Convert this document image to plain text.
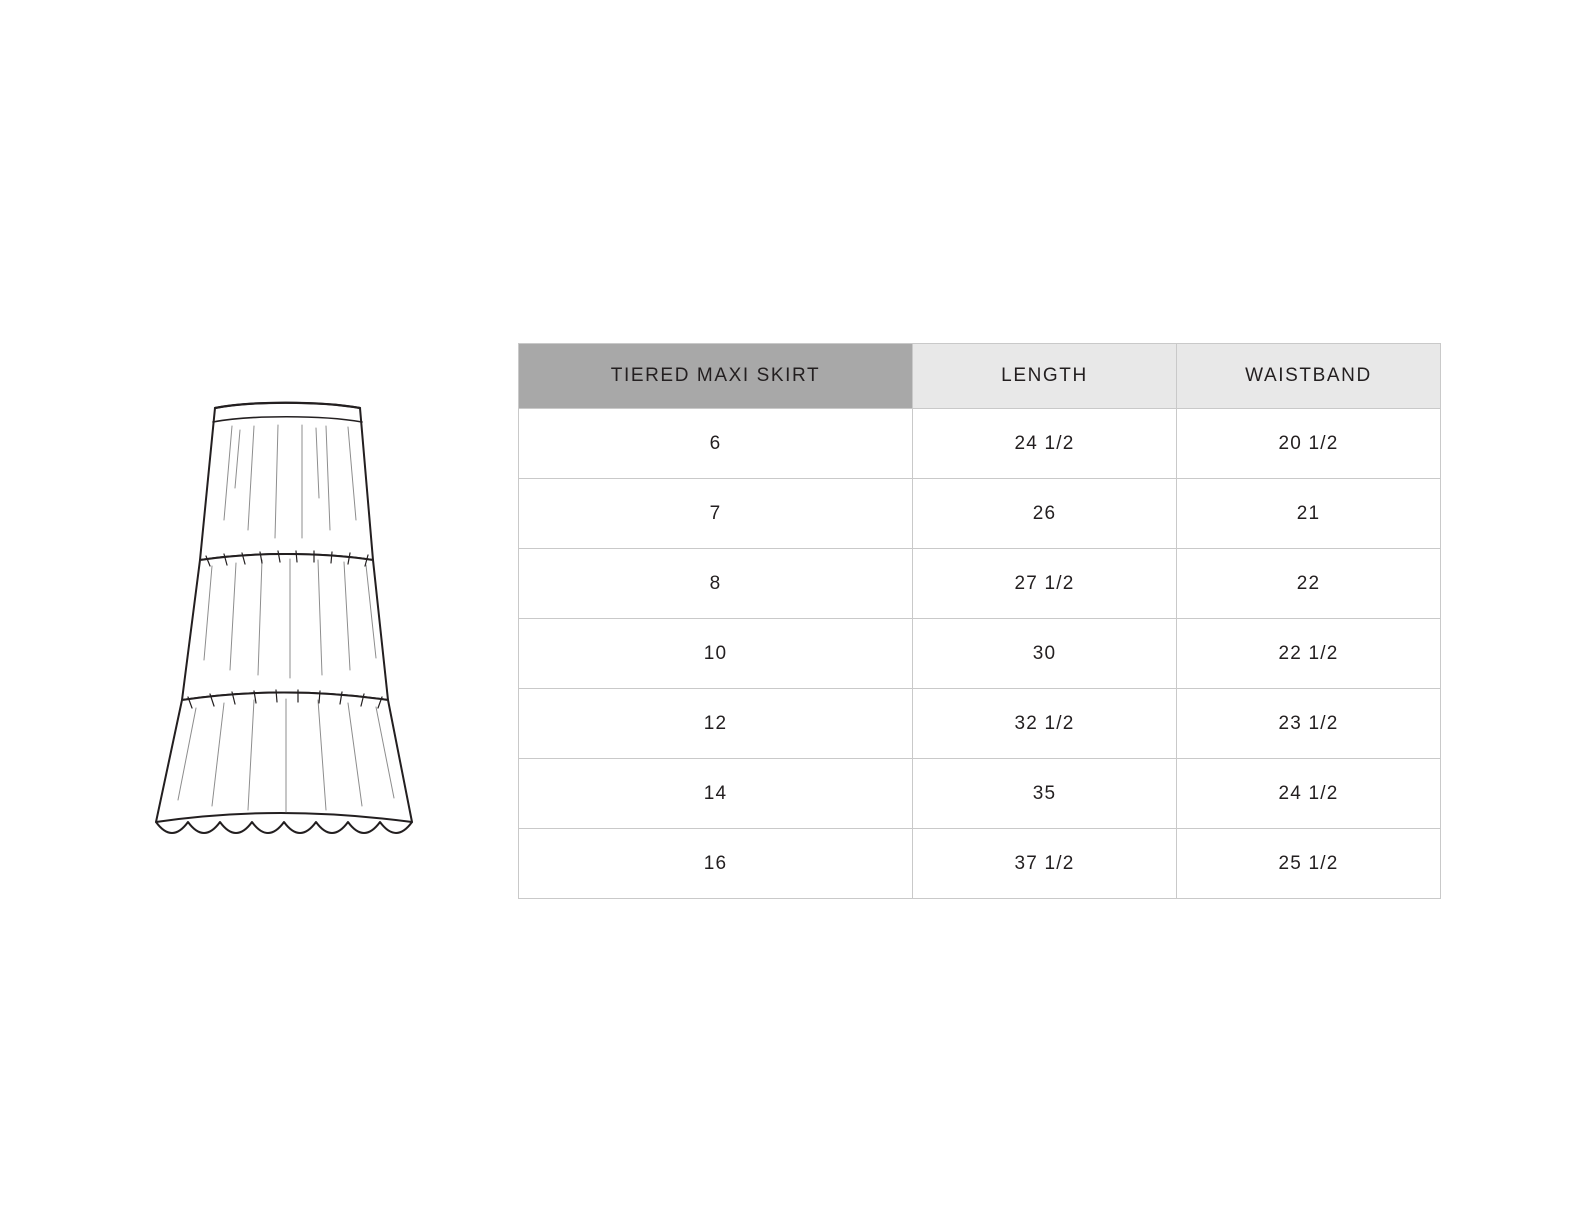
TIERED MAXI SKIRT	LENGTH	WAISTBAND
6	24 1/2	20 1/2
7	26	21
8	27 1/2	22
10	30	22 1/2
12	32 1/2	23 1/2
14	35	24 1/2
16	37 1/2	25 1/2
